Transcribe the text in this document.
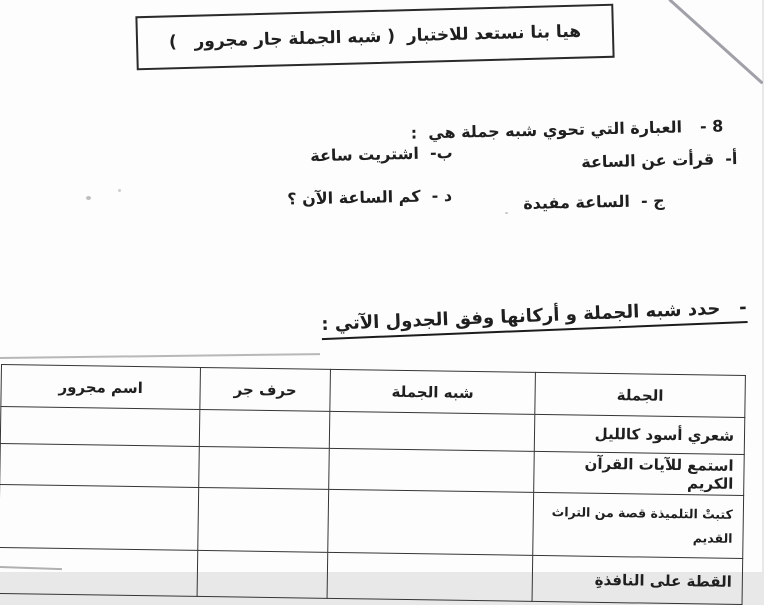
هيا بنا نستعد للاختبار  ( شبه الجملة جار مجرور   )

8 -العبارة التي تحوي شبه جملة هي  :

أ-  قرأت عن الساعة
ب-  اشتريت ساعة
ج -  الساعة مفيدة
د -  كم الساعة الآن ؟
-   حدد شبه الجملة و أركانها وفق الجدول الآتي :
الجملة	شبه الجملة	حرف جر	اسم مجرور
شعري أسود كالليل			
استمع للآيات القرآن الكريم			
كتبتْ التلميذة قصة من التراث
القديم			
القطة على النافذةِ			
